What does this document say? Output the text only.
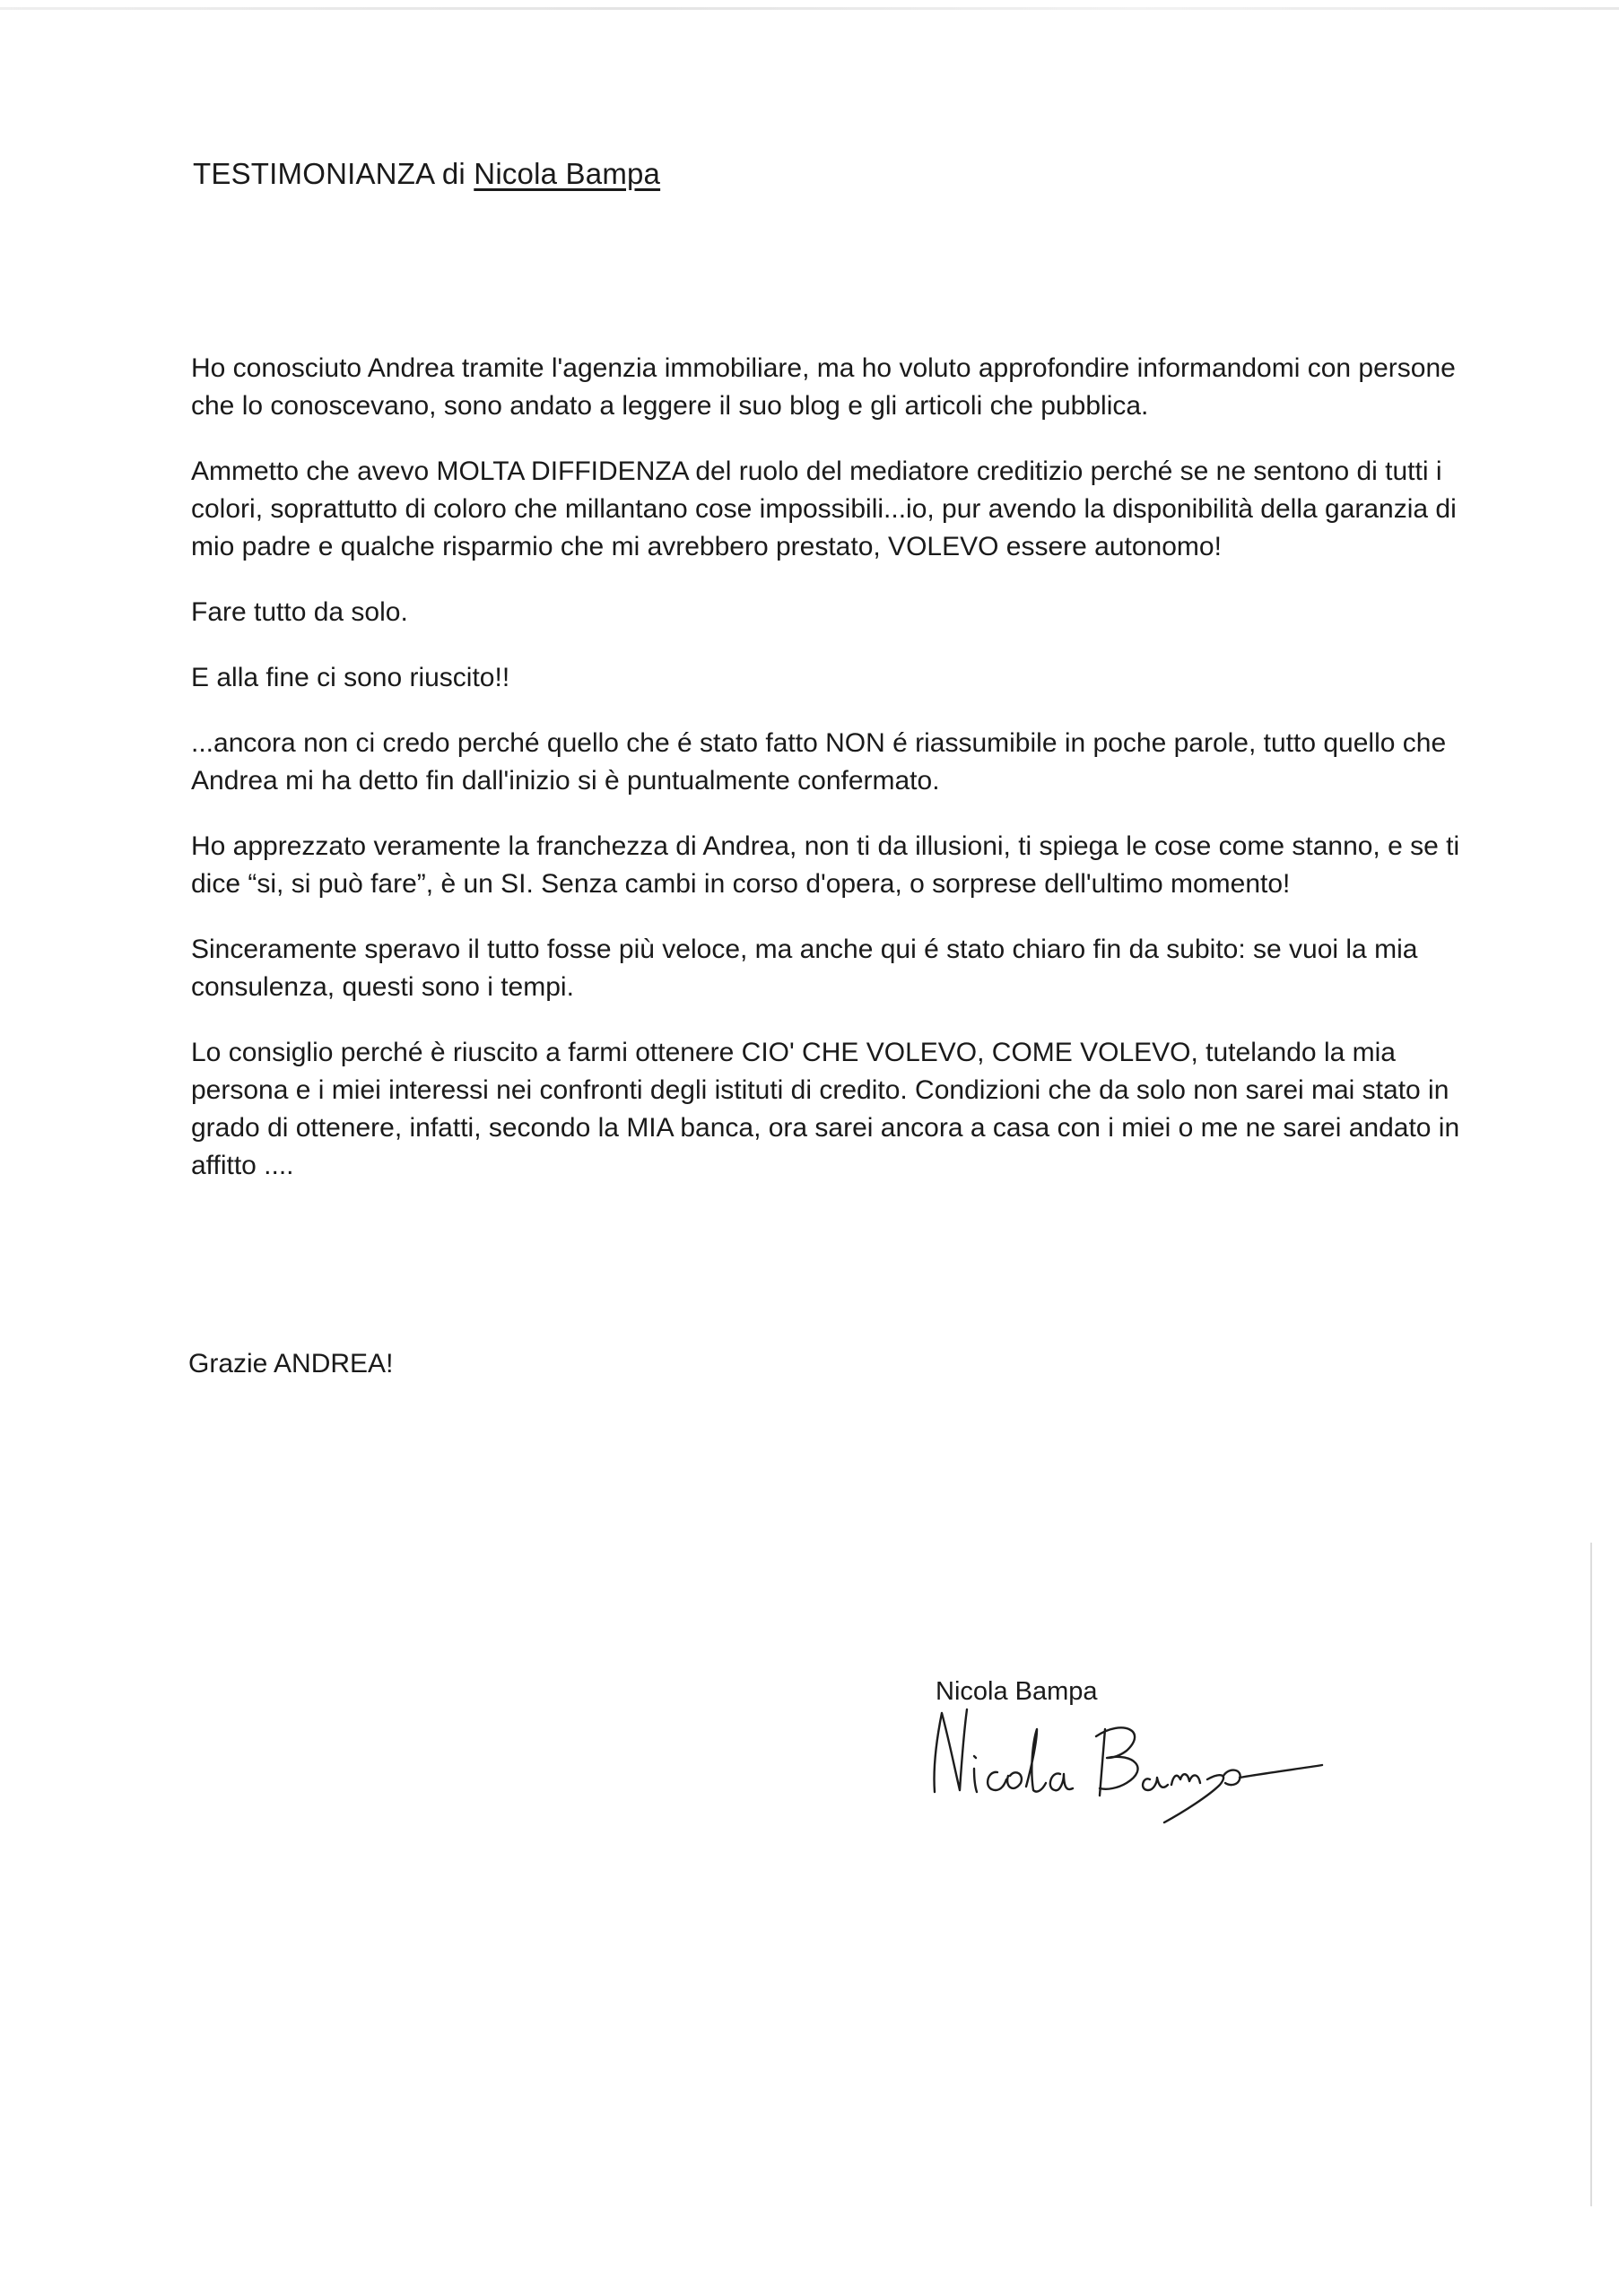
TESTIMONIANZA di Nicola Bampa

Ho conosciuto Andrea tramite l'agenzia immobiliare, ma ho voluto approfondire informandomi con persone che lo conoscevano, sono andato a leggere il suo blog e gli articoli che pubblica.

Ammetto che avevo MOLTA DIFFIDENZA del ruolo del mediatore creditizio perché se ne sentono di tutti i colori, soprattutto di coloro che millantano cose impossibili...io, pur avendo la disponibilità della garanzia di mio padre e qualche risparmio che mi avrebbero prestato, VOLEVO essere autonomo!

Fare tutto da solo.

E alla fine ci sono riuscito!!

...ancora non ci credo perché quello che é stato fatto NON é riassumibile in poche parole, tutto quello che Andrea mi ha detto fin dall'inizio si è puntualmente confermato.

Ho apprezzato veramente la franchezza di Andrea, non ti da illusioni, ti spiega le cose come stanno, e se ti dice “si, si può fare”, è un SI. Senza cambi in corso d'opera, o sorprese dell'ultimo momento!

Sinceramente speravo il tutto fosse più veloce, ma anche qui é stato chiaro fin da subito: se vuoi la mia consulenza, questi sono i tempi.

Lo consiglio perché è riuscito a farmi ottenere CIO' CHE VOLEVO, COME VOLEVO, tutelando la mia persona e i miei interessi nei confronti degli istituti di credito. Condizioni che da solo non sarei mai stato in grado di ottenere, infatti, secondo la MIA banca, ora sarei ancora a casa con i miei o me ne sarei andato in affitto ....

Grazie ANDREA!
Nicola Bampa
